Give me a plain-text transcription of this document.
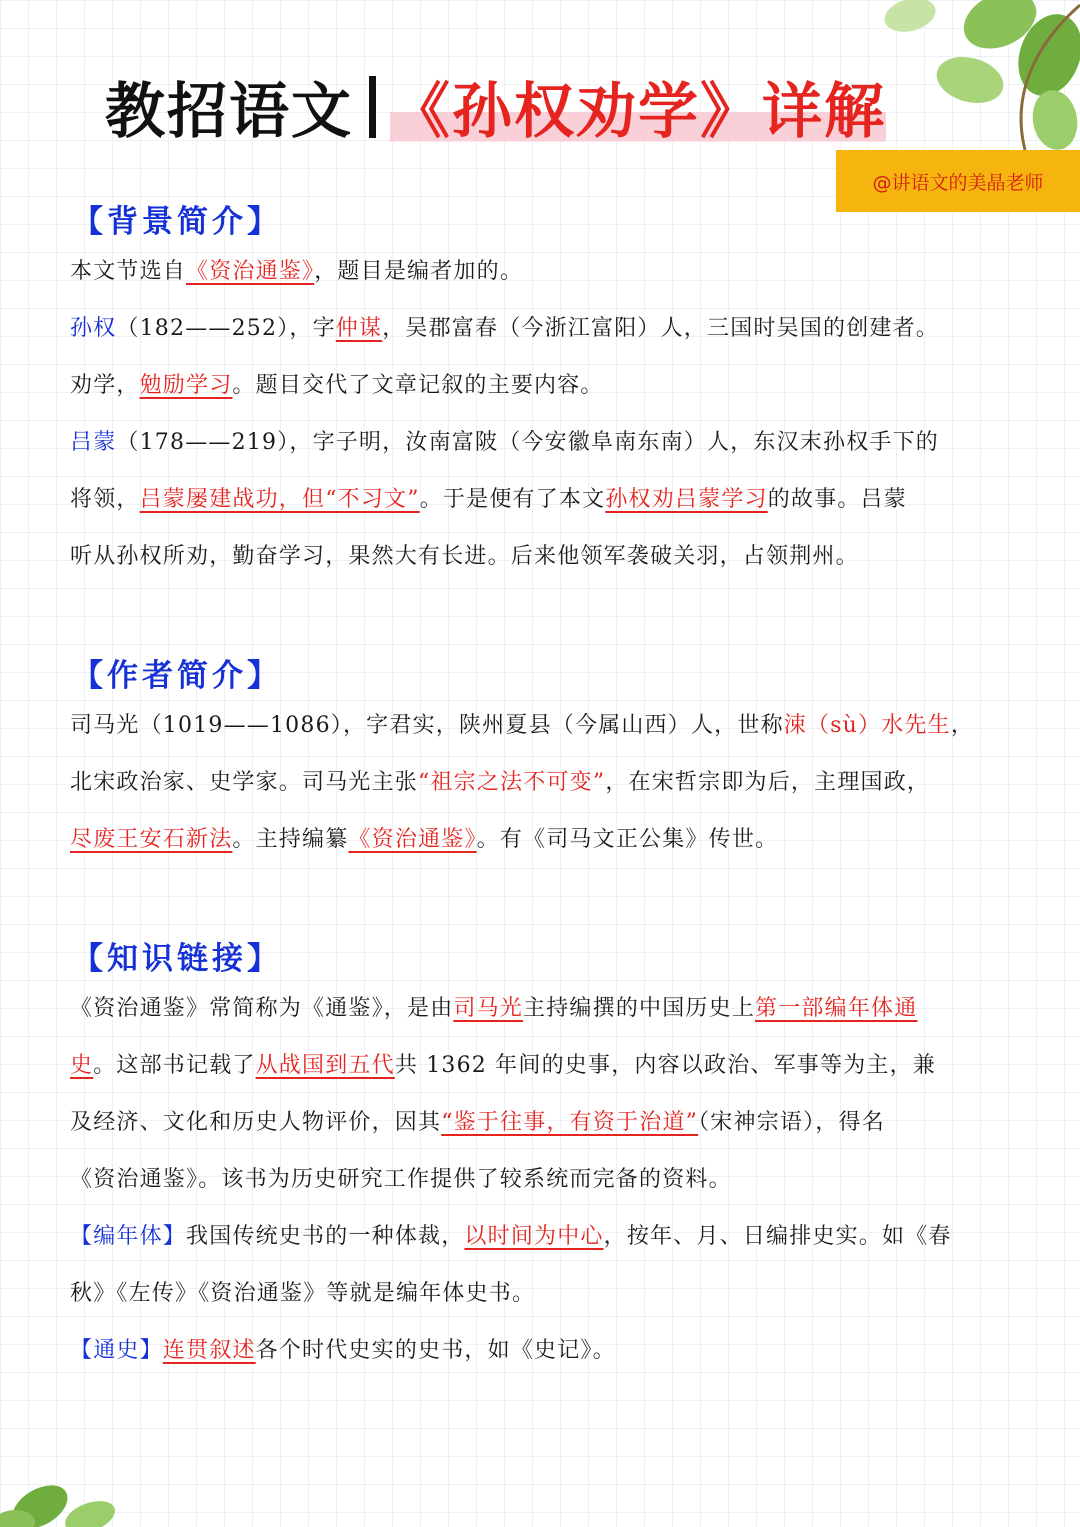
教招语文 《孙权劝学》详解
@讲语文的美晶老师
【背景简介】
本文节选自《资治通鉴》，题目是编者加的。
孙权（182——252），字仲谋，吴郡富春（今浙江富阳）人，三国时吴国的创建者。
劝学，勉励学习。题目交代了文章记叙的主要内容。
吕蒙（178——219），字子明，汝南富陂（今安徽阜南东南）人，东汉末孙权手下的
将领，吕蒙屡建战功，但“不习文”。于是便有了本文孙权劝吕蒙学习的故事。吕蒙
听从孙权所劝，勤奋学习，果然大有长进。后来他领军袭破关羽，占领荆州。
【作者简介】
司马光（1019——1086），字君实，陕州夏县（今属山西）人，世称涑（sù）水先生，
北宋政治家、史学家。司马光主张“祖宗之法不可变”，在宋哲宗即为后，主理国政，
尽废王安石新法。主持编纂《资治通鉴》。有《司马文正公集》传世。
【知识链接】
《资治通鉴》常简称为《通鉴》，是由司马光主持编撰的中国历史上第一部编年体通
史。这部书记载了从战国到五代共 1362 年间的史事，内容以政治、军事等为主，兼
及经济、文化和历史人物评价，因其“鉴于往事，有资于治道”（宋神宗语），得名
《资治通鉴》。该书为历史研究工作提供了较系统而完备的资料。
【编年体】我国传统史书的一种体裁，以时间为中心，按年、月、日编排史实。如《春
秋》《左传》《资治通鉴》等就是编年体史书。
【通史】连贯叙述各个时代史实的史书，如《史记》。
